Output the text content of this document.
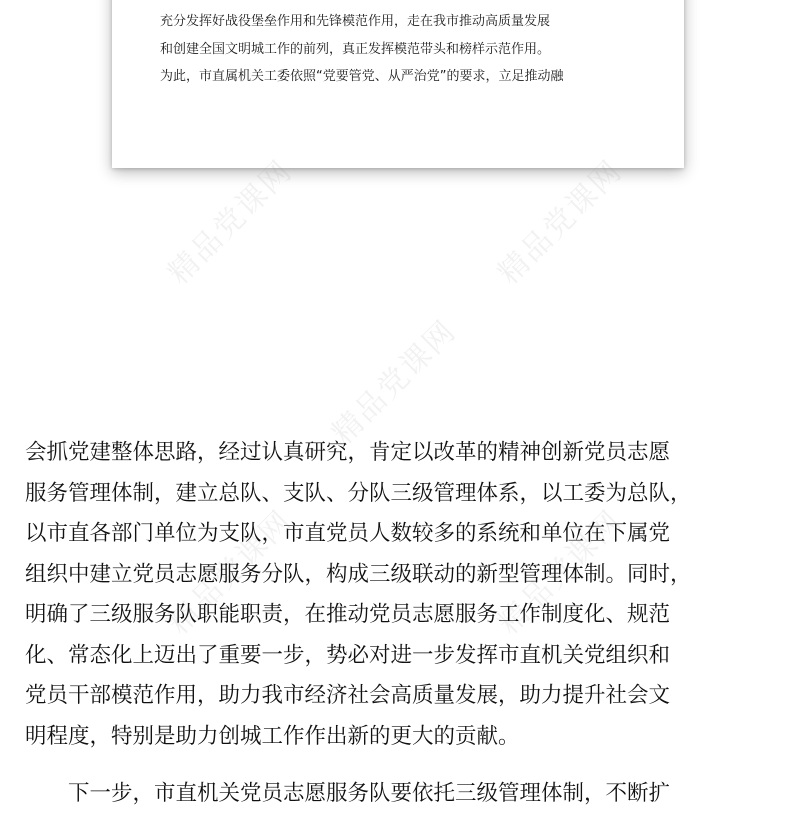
充分发挥好战役堡垒作用和先锋模范作用，走在我市推动高质量发展
和创建全国文明城工作的前列，真正发挥模范带头和榜样示范作用。
为此，市直属机关工委依照“党要管党、从严治党”的要求，立足推动融
精品党课网	精品党课网
精品党课网
精品党课网	精品党课网
会抓党建整体思路，经过认真研究，肯定以改革的精神创新党员志愿
服务管理体制，建立总队、支队、分队三级管理体系，以工委为总队，
以市直各部门单位为支队，市直党员人数较多的系统和单位在下属党
组织中建立党员志愿服务分队，构成三级联动的新型管理体制。同时，
明确了三级服务队职能职责，在推动党员志愿服务工作制度化、规范
化、常态化上迈出了重要一步，势必对进一步发挥市直机关党组织和
党员干部模范作用，助力我市经济社会高质量发展，助力提升社会文
明程度，特别是助力创城工作作出新的更大的贡献。
下一步，市直机关党员志愿服务队要依托三级管理体制，不断扩
